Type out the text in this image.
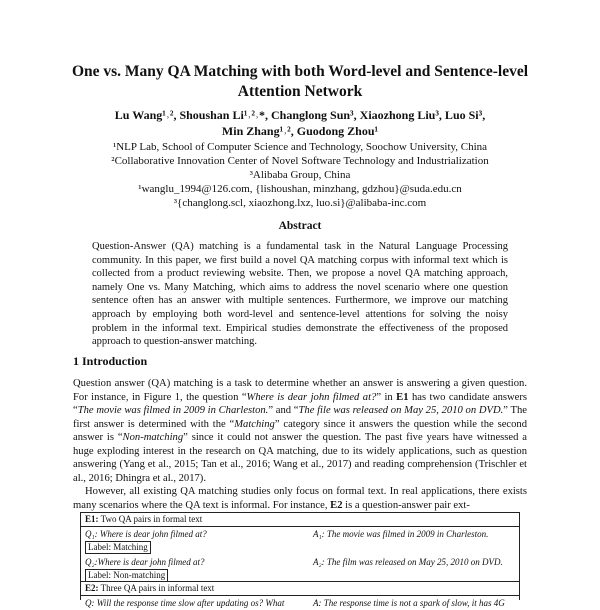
One vs. Many QA Matching with both Word-level and Sentence-level
Attention Network
Lu Wang¹˒², Shoushan Li¹˒²˒*, Changlong Sun³, Xiaozhong Liu³, Luo Si³,
Min Zhang¹˒², Guodong Zhou¹
¹NLP Lab, School of Computer Science and Technology, Soochow University, China
²Collaborative Innovation Center of Novel Software Technology and Industrialization
³Alibaba Group, China
¹wanglu_1994@126.com, {lishoushan, minzhang, gdzhou}@suda.edu.cn
³{changlong.scl, xiaozhong.lxz, luo.si}@alibaba-inc.com
Abstract
Question-Answer (QA) matching is a fundamental task in the Natural Language Processing community. In this paper, we first build a novel QA matching corpus with informal text which is collected from a product reviewing website. Then, we propose a novel QA matching approach, namely One vs. Many Matching, which aims to address the novel scenario where one question sentence often has an answer with multiple sentences. Furthermore, we improve our matching approach by employing both word-level and sentence-level attentions for solving the noisy problem in the informal text. Empirical studies demonstrate the effectiveness of the proposed approach to question-answer matching.
1 Introduction

Question answer (QA) matching is a task to determine whether an answer is answering a given question. For instance, in Figure 1, the question “Where is dear john filmed at?” in E1 has two candidate answers “The movie was filmed in 2009 in Charleston.” and “The file was released on May 25, 2010 on DVD.” The first answer is determined with the “Matching” category since it answers the question while the second answer is “Non-matching” since it could not answer the question. The past five years have witnessed a huge exploding interest in the research on QA matching, due to its widely applications, such as question answering (Yang et al., 2015; Tan et al., 2016; Wang et al., 2017) and reading comprehension (Trischler et al., 2016; Dhingra et al., 2017).

However, all existing QA matching studies only focus on formal text. In real applications, there exists many scenarios where the QA text is informal. For instance, E2 is a question-answer pair ext-

E1: Two QA pairs in formal text
Q₁: Where is dear john filmed at?
Label: Matching
Q₂:Where is dear john filmed at?
Label: Non-matching
A₁: The movie was filmed in 2009 in Charleston.
A₂: The film was released on May 25, 2010 on DVD.
E2: Three QA pairs in informal text
Q: Will the response time slow after updating os? What	A: The response time is not a spark of slow, it has 4G
